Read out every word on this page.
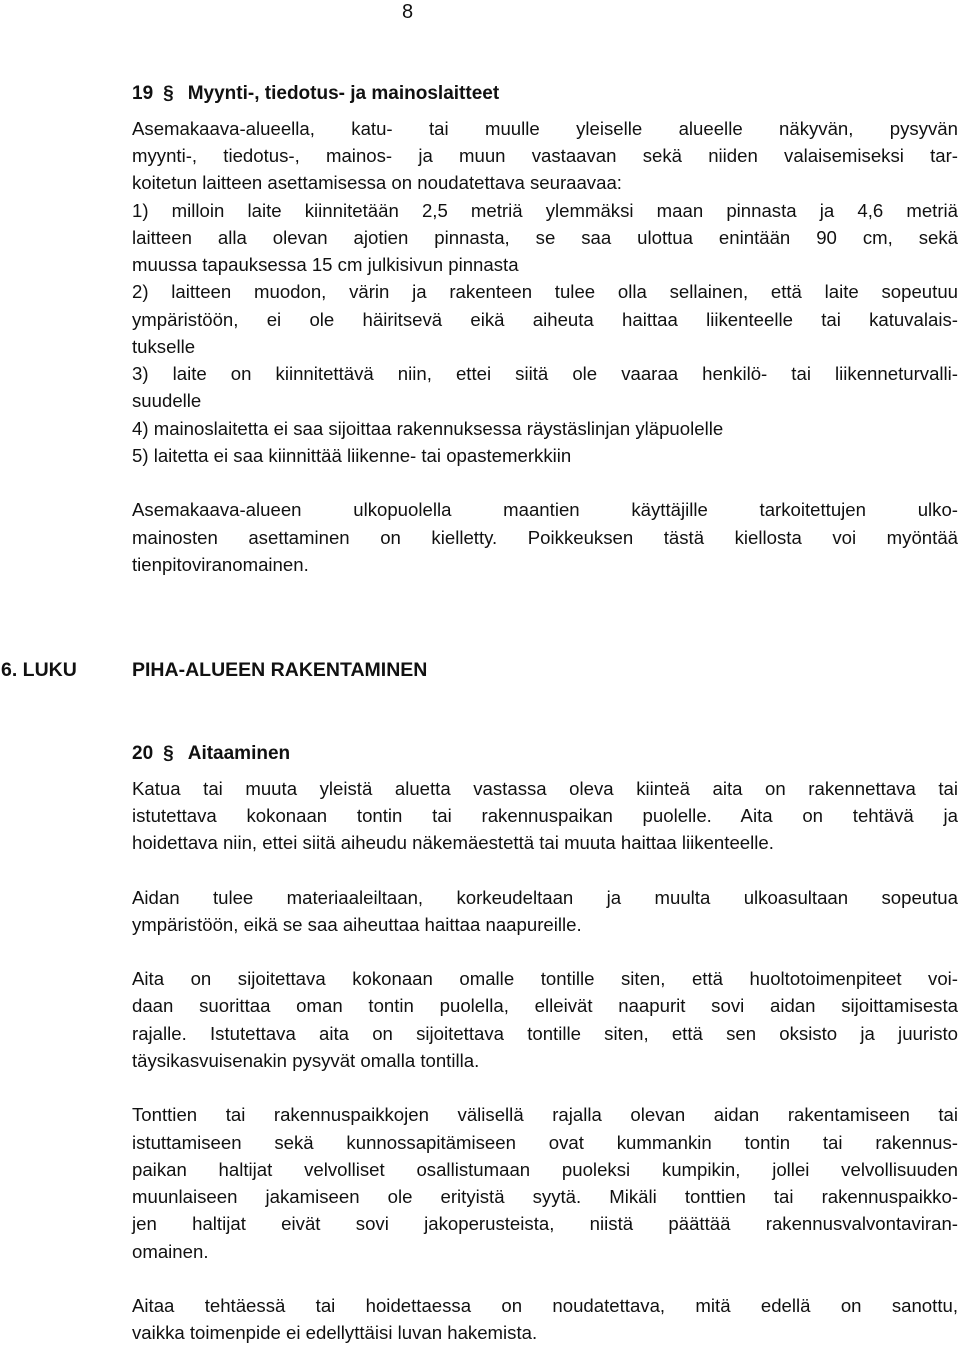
8
19 § Myynti-, tiedotus- ja mainoslaitteet
Asemakaava-alueella, katu- tai muulle yleiselle alueelle näkyvän, pysyvän
myynti-, tiedotus-, mainos- ja muun vastaavan sekä niiden valaisemiseksi tar-
koitetun laitteen asettamisessa on noudatettava seuraavaa:
1) milloin laite kiinnitetään 2,5 metriä ylemmäksi maan pinnasta ja 4,6 metriä
laitteen alla olevan ajotien pinnasta, se saa ulottua enintään 90 cm, sekä
muussa tapauksessa 15 cm julkisivun pinnasta
2) laitteen muodon, värin ja rakenteen tulee olla sellainen, että laite sopeutuu
ympäristöön, ei ole häiritsevä eikä aiheuta haittaa liikenteelle tai katuvalais-
tukselle
3) laite on kiinnitettävä niin, ettei siitä ole vaaraa henkilö- tai liikenneturvalli-
suudelle
4) mainoslaitetta ei saa sijoittaa rakennuksessa räystäslinjan yläpuolelle
5) laitetta ei saa kiinnittää liikenne- tai opastemerkkiin
Asemakaava-alueen ulkopuolella maantien käyttäjille tarkoitettujen ulko-
mainosten asettaminen on kielletty. Poikkeuksen tästä kiellosta voi myöntää
tienpitoviranomainen.
6. LUKU	PIHA-ALUEEN RAKENTAMINEN
20 § Aitaaminen
Katua tai muuta yleistä aluetta vastassa oleva kiinteä aita on rakennettava tai
istutettava kokonaan tontin tai rakennuspaikan puolelle. Aita on tehtävä ja
hoidettava niin, ettei siitä aiheudu näkemäestettä tai muuta haittaa liikenteelle.
Aidan tulee materiaaleiltaan, korkeudeltaan ja muulta ulkoasultaan sopeutua
ympäristöön, eikä se saa aiheuttaa haittaa naapureille.
Aita on sijoitettava kokonaan omalle tontille siten, että huoltotoimenpiteet voi-
daan suorittaa oman tontin puolella, elleivät naapurit sovi aidan sijoittamisesta
rajalle. Istutettava aita on sijoitettava tontille siten, että sen oksisto ja juuristo
täysikasvuisenakin pysyvät omalla tontilla.
Tonttien tai rakennuspaikkojen välisellä rajalla olevan aidan rakentamiseen tai
istuttamiseen sekä kunnossapitämiseen ovat kummankin tontin tai rakennus-
paikan haltijat velvolliset osallistumaan puoleksi kumpikin, jollei velvollisuuden
muunlaiseen jakamiseen ole erityistä syytä. Mikäli tonttien tai rakennuspaikko-
jen haltijat eivät sovi jakoperusteista, niistä päättää rakennusvalvontaviran-
omainen.
Aitaa tehtäessä tai hoidettaessa on noudatettava, mitä edellä on sanottu,
vaikka toimenpide ei edellyttäisi luvan hakemista.
